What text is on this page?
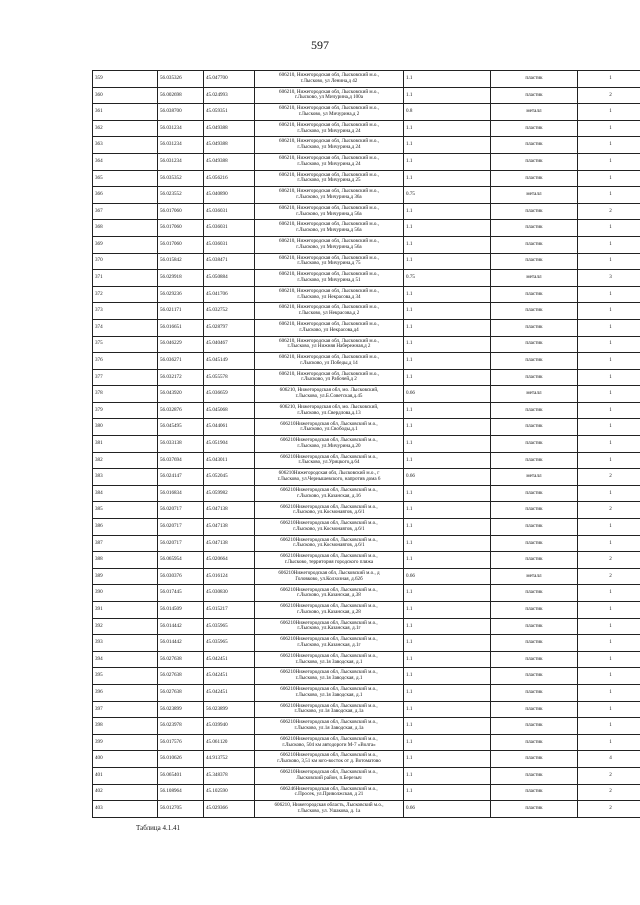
597
359	56.035326	45.047700	606210, Нижегородская обл, Лысковский м.о.,
г.Лысково, ул Ленина,д 42	1.1	пластик	1
360	56.002698	45.024993	606210, Нижегородская обл, Лысковский м.о.,
г.Лысково, ул Мичурина,д 100а	1.1	пластик	2
361	56.038700	45.059351	606210, Нижегородская обл, Лысковский м.о.,
г.Лысково, ул Мичурина,д 2	0.8	металл	1
362	56.031234	45.049388	606210, Нижегородская обл, Лысковский м.о.,
г.Лысково, ул Мичурина,д 24	1.1	пластик	1
363	56.031234	45.049388	606210, Нижегородская обл, Лысковский м.о.,
г.Лысково, ул Мичурина,д 24	1.1	пластик	1
364	56.031234	45.049388	606210, Нижегородская обл, Лысковский м.о.,
г.Лысково, ул Мичурина,д 24	1.1	пластик	1
365	56.035352	45.056216	606210, Нижегородская обл, Лысковский м.о.,
г.Лысково, ул Мичурина,д 25	1.1	пластик	1
366	56.023552	45.040890	606210, Нижегородская обл, Лысковский м.о.,
г.Лысково, ул Мичурина,д 36а	0.75	металл	1
367	56.017060	45.036031	606210, Нижегородская обл, Лысковский м.о.,
г.Лысково, ул Мичурина,д 56а	1.1	пластик	2
368	56.017060	45.036031	606210, Нижегородская обл, Лысковский м.о.,
г.Лысково, ул Мичурина,д 56а	1.1	пластик	1
369	56.017060	45.036031	606210, Нижегородская обл, Лысковский м.о.,
г.Лысково, ул Мичурина,д 56а	1.1	пластик	1
370	56.015842	45.038471	606210, Нижегородская обл, Лысковский м.о.,
г.Лысково, ул Мичурина,д 75	1.1	пластик	1
371	56.029918	45.050884	606210, Нижегородская обл, Лысковский м.о.,
г.Лысково, ул Мичурина,д 51	0.75	металл	3
372	56.029236	45.041706	606210, Нижегородская обл, Лысковский м.о.,
г.Лысково, ул Некрасова,д 34	1.1	пластик	1
373	56.021171	45.032752	606210, Нижегородская обл, Лысковский м.о.,
г.Лысково, ул Некрасова,д 2	1.1	пластик	1
374	56.016651	45.028797	606210, Нижегородская обл, Лысковский м.о.,
г.Лысково, ул Некрасова,д4	1.1	пластик	1
375	56.046229	45.040467	606210, Нижегородская обл, Лысковский м.о.,
г.Лысково, ул Нижняя Набережная,д 2	1.1	пластик	1
376	56.036271	45.045149	606210, Нижегородская обл, Лысковский м.о.,
г.Лысково, ул Победы,д 14	1.1	пластик	1
377	56.032172	45.055578	606210, Нижегородская обл, Лысковский м.о.,
г.Лысково, ул Рабочей,д 2	1.1	пластик	1
378	56.043920	45.036659	606210, Нижегородская обл, мо. Лысковский,
г.Лысково, ул.Б.Советская,д.45	0.66	металл	1
379	56.032876	45.045068	606210, Нижегородская обл, мо. Лысковский,
г.Лысково, ул.Свердлова,д.13	1.1	пластик	1
380	56.045495	45.044061	606210Нижегородская обл, Лысковский м.о.,
г.Лысково, ул.Свободы,д.1	1.1	пластик	1
381	56.033138	45.051904	606210Нижегородская обл, Лысковский м.о.,
г.Лысково, ул.Мичурина,д.20	1.1	пластик	1
382	56.037694	45.043011	606210Нижегородская обл, Лысковский м.о.,
г.Лысково, ул.Урицкого,д.64	1.1	пластик	1
383	56.024147	45.052045	606210Нижегородская обл, Лысковский м.о., г
г.Лысково, ул.Чернышевского, напротив дома 6	0.66	металл	2
384	56.016834	45.059982	606210Нижегородская обл, Лысковский м.о.,
г.Лысково, ул.Казанская, д.16	1.1	пластик	1
385	56.020717	45.047138	606210Нижегородская обл, Лысковский м.о.,
г.Лысково, ул.Космонавтов, д.6/1	1.1	пластик	2
386	56.020717	45.047138	606210Нижегородская обл, Лысковский м.о.,
г.Лысково, ул.Космонавтов, д.6/1	1.1	пластик	1
387	56.020717	45.047138	606210Нижегородская обл, Лысковский м.о.,
г.Лысково, ул.Космонавтов, д.6/1	1.1	пластик	1
388	56.065954	45.020664	606210Нижегородская обл, Лысковский м.о.,
г.Лысково, территория городского пляжа	1.1	пластик	2
389	56.030376	45.016124	606210Нижегородская обл, Лысковский м.о., д
Головково, ул.Колхозная, д.62б	0.66	металл	2
390	56.017445	45.030830	606210Нижегородская обл, Лысковский м.о.,
г.Лысково, ул.Казанская, д.38	1.1	пластик	1
391	56.014509	45.015217	606210Нижегородская обл, Лысковский м.о.,
г.Лысково, ул.Казанская, д.28	1.1	пластик	1
392	56.014442	45.035965	606210Нижегородская обл, Лысковский м.о.,
г.Лысково, ул.Казанская, д.1г	1.1	пластик	1
393	56.014442	45.035965	606210Нижегородская обл, Лысковский м.о.,
г.Лысково, ул.Казанская, д.1г	1.1	пластик	1
394	56.027638	45.042451	606210Нижегородская обл, Лысковский м.о.,
г.Лысково, ул.1я Заводская, д.1	1.1	пластик	1
395	56.027638	45.042451	606210Нижегородская обл, Лысковский м.о.,
г.Лысково, ул.1я Заводская, д.1	1.1	пластик	1
396	56.027638	45.042451	606210Нижегородская обл, Лысковский м.о.,
г.Лысково, ул.1я Заводская, д.1	1.1	пластик	1
397	56.023899	56.023899	606210Нижегородская обл, Лысковский м.о.,
г.Лысково, ул.1я Заводская, д.1а	1.1	пластик	1
398	56.023978	45.039940	606210Нижегородская обл, Лысковский м.о.,
г.Лысково, ул.1я Заводская, д.1а	1.1	пластик	1
399	56.017576	45.061120	606210Нижегородская обл, Лысковский м.о.,
г.Лысково, 504 км автодороги М-7 «Волга»	1.1	пластик	1
400	56.010626	44.913752	606210Нижегородская обл, Лысковский м.о.,
г.Лысково, 3,51 км юго-восток от д. Вотоматово	1.1	пластик	4
401	56.065401	45.348378	606210Нижегородская обл, Лысковский м.о.,
Лысковский район, п.Березыч	1.1	пластик	2
402	56.108964	45.102590	606246Нижегородская обл, Лысковский м.о.,
с.Просек, ул.Приволжская, д 21	1.1	пластик	2
403	56.012705	45.029366	606210, Нижегородская область, Лысковский м.о.,
г.Лысково, ул. Ушакова, д. 1а	0.66	пластик	2
Таблица 4.1.41
